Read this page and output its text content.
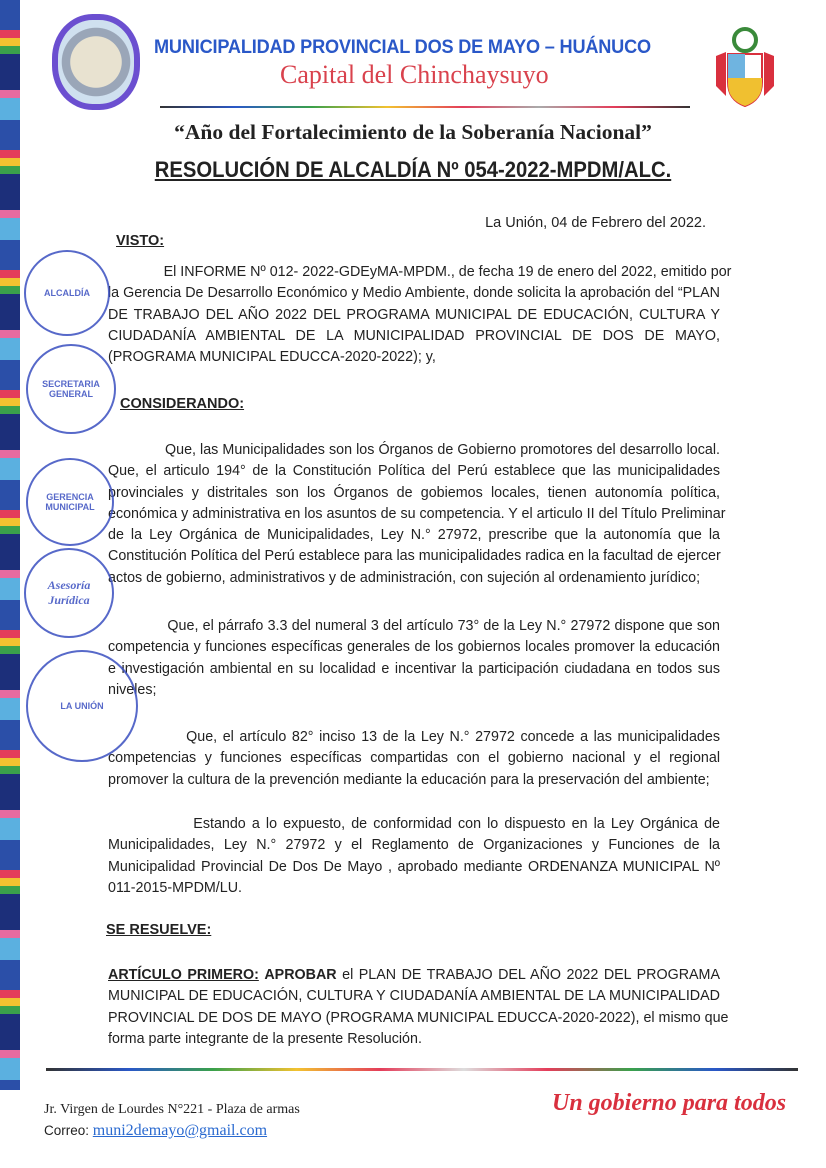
MUNICIPALIDAD PROVINCIAL DOS DE MAYO – HUÁNUCO
Capital del Chinchaysuyo
“Año del Fortalecimiento de la Soberanía Nacional”
RESOLUCIÓN DE ALCALDÍA Nº 054-2022-MPDM/ALC.
La Unión, 04 de Febrero del 2022.
VISTO:
CONSIDERANDO:
SE RESUELVE:
El INFORME Nº 012- 2022-GDEyMA-MPDM., de fecha 19 de enero del 2022, emitido por
la Gerencia De Desarrollo Económico y Medio Ambiente, donde solicita la aprobación del “PLAN
DE TRABAJO DEL AÑO 2022 DEL PROGRAMA MUNICIPAL DE EDUCACIÓN, CULTURA Y
CIUDADANÍA AMBIENTAL DE LA MUNICIPALIDAD PROVINCIAL DE DOS DE MAYO,
(PROGRAMA MUNICIPAL EDUCCA-2020-2022); y,
Que, las Municipalidades son los Órganos de Gobierno promotores del desarrollo local.
Que, el articulo 194° de la Constitución Política del Perú establece que las municipalidades
provinciales y distritales son los Órganos de gobiemos locales, tienen autonomía política,
económica y administrativa en los asuntos de su competencia. Y el articulo II del Título Preliminar
de la Ley Orgánica de Municipalidades, Ley N.° 27972, prescribe que la autonomía que la
Constitución Política del Perú establece para las municipalidades radica en la facultad de ejercer
actos de gobierno, administrativos y de administración, con sujeción al ordenamiento jurídico;
Que, el párrafo 3.3 del numeral 3 del artículo 73° de la Ley N.° 27972 dispone que son
competencia y funciones específicas generales de los gobiernos locales promover la educación
e investigación ambiental en su localidad e incentivar la participación ciudadana en todos sus
niveles;
Que, el artículo 82° inciso 13 de la Ley N.° 27972 concede a las municipalidades
competencias y funciones específicas compartidas con el gobierno nacional y el regional
promover la cultura de la prevención mediante la educación para la preservación del ambiente;
Estando a lo expuesto, de conformidad con lo dispuesto en la Ley Orgánica de
Municipalidades, Ley N.° 27972 y el Reglamento de Organizaciones y Funciones de la
Municipalidad Provincial De Dos De Mayo , aprobado mediante ORDENANZA MUNICIPAL Nº
011-2015-MPDM/LU.
ARTÍCULO PRIMERO: APROBAR el PLAN DE TRABAJO DEL AÑO 2022 DEL PROGRAMA
MUNICIPAL DE EDUCACIÓN, CULTURA Y CIUDADANÍA AMBIENTAL DE LA MUNICIPALIDAD
PROVINCIAL DE DOS DE MAYO (PROGRAMA MUNICIPAL EDUCCA-2020-2022), el mismo que
forma parte integrante de la presente Resolución.
ALCALDÍA
SECRETARIA GENERAL
GERENCIA MUNICIPAL
Asesoría Jurídica
LA UNIÓN
Jr. Virgen de Lourdes N°221 - Plaza de armas
Correo: muni2demayo@gmail.com
Un gobierno para todos
